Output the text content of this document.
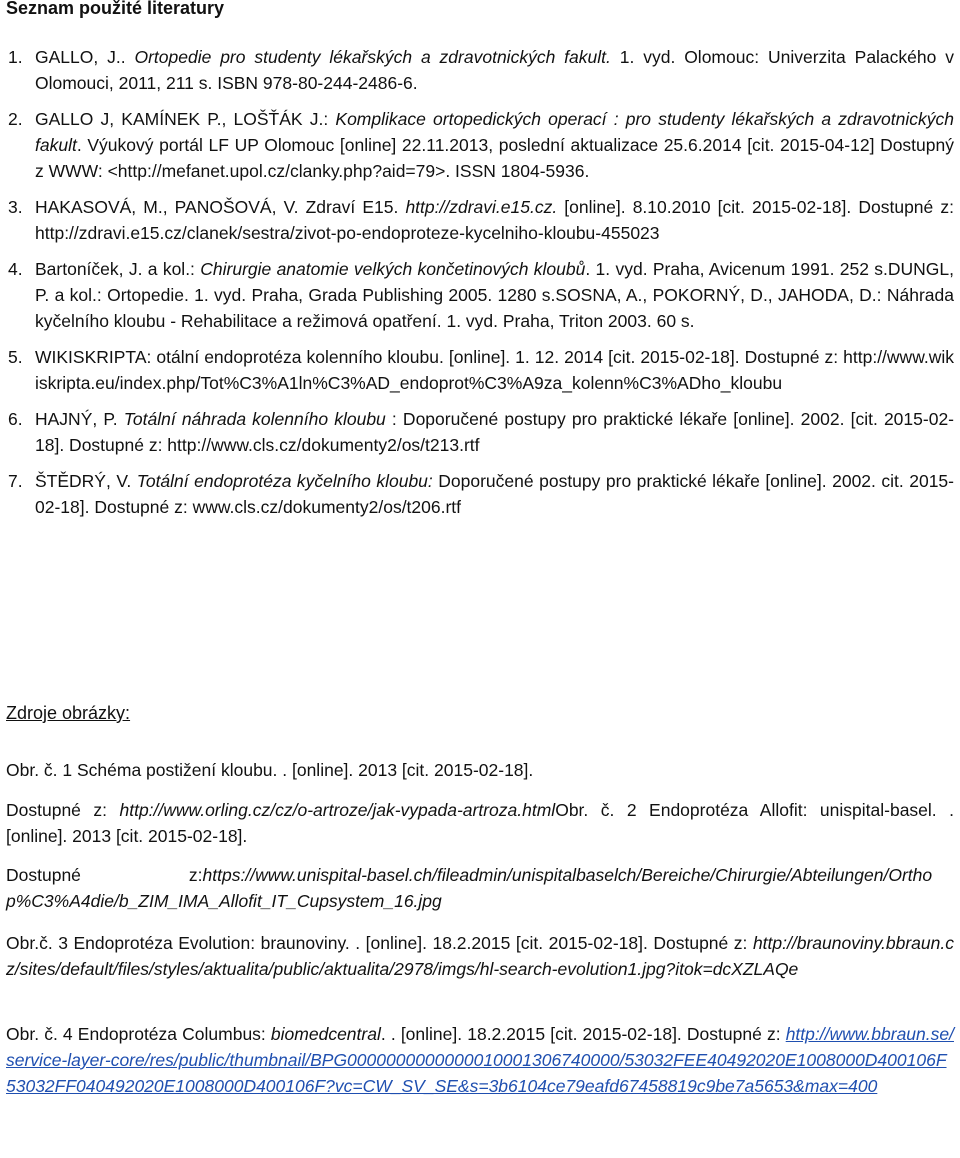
Seznam použité literatury
1. GALLO, J.. Ortopedie pro studenty lékařských a zdravotnických fakult. 1. vyd. Olomouc: Univerzita Palackého v Olomouci, 2011, 211 s. ISBN 978-80-244-2486-6.
2. GALLO J, KAMÍNEK P., LOŠŤÁK J.: Komplikace ortopedických operací : pro studenty lékařských a zdravotnických fakult. Výukový portál LF UP Olomouc [online] 22.11.2013, poslední aktualizace 25.6.2014 [cit. 2015-04-12] Dostupný z WWW: <http://mefanet.upol.cz/clanky.php?aid=79>. ISSN 1804-5936.
3. HAKASOVÁ, M., PANOŠOVÁ, V. Zdraví E15. http://zdravi.e15.cz. [online]. 8.10.2010 [cit. 2015-02-18]. Dostupné z: http://zdravi.e15.cz/clanek/sestra/zivot-po-endoproteze-kycelniho-kloubu-455023
4. Bartoníček, J. a kol.: Chirurgie anatomie velkých končetinových kloubů. 1. vyd. Praha, Avicenum 1991. 252 s.DUNGL, P. a kol.: Ortopedie. 1. vyd. Praha, Grada Publishing 2005. 1280 s.SOSNA, A., POKORNÝ, D., JAHODA, D.: Náhrada kyčelního kloubu - Rehabilitace a režimová opatření. 1. vyd. Praha, Triton 2003. 60 s.
5. WIKISKRIPTA: otální endoprotéza kolenního kloubu. [online]. 1. 12. 2014 [cit. 2015-02-18]. Dostupné z: http://www.wikiskripta.eu/index.php/Tot%C3%A1ln%C3%AD_endoprot%C3%A9za_kolenn%C3%ADho_kloubu
6. HAJNÝ, P. Totální náhrada kolenního kloubu : Doporučené postupy pro praktické lékaře [online]. 2002. [cit. 2015-02-18]. Dostupné z: http://www.cls.cz/dokumenty2/os/t213.rtf
7. ŠTĚDRÝ, V. Totální endoprotéza kyčelního kloubu: Doporučené postupy pro praktické lékaře [online]. 2002. cit. 2015-02-18]. Dostupné z: www.cls.cz/dokumenty2/os/t206.rtf
Zdroje obrázky:

Obr. č. 1 Schéma postižení kloubu. . [online]. 2013 [cit. 2015-02-18].

Dostupné z: http://www.orling.cz/cz/o-artroze/jak-vypada-artroza.htmlObr. č. 2 Endoprotéza Allofit: unispital-basel. . [online]. 2013 [cit. 2015-02-18].

Dostupné	z:https://www.unispital-basel.ch/fileadmin/unispitalbaselch/Bereiche/Chirurgie/Abteilungen/Orthop%C3%A4die/b_ZIM_IMA_Allofit_IT_Cupsystem_16.jpg

Obr.č. 3 Endoprotéza Evolution: braunoviny. . [online]. 18.2.2015 [cit. 2015-02-18]. Dostupné z: http://braunoviny.bbraun.cz/sites/default/files/styles/aktualita/public/aktualita/2978/imgs/hl-search-evolution1.jpg?itok=dcXZLAQe

Obr. č. 4 Endoprotéza Columbus: biomedcentral. . [online]. 18.2.2015 [cit. 2015-02-18]. Dostupné z: http://www.bbraun.se/service-layer-core/res/public/thumbnail/BPG0000000000000010001306740000/53032FEE40492020E1008000D400106F53032FF040492020E1008000D400106F?vc=CW_SV_SE&s=3b6104ce79eafd67458819c9be7a5653&max=400
